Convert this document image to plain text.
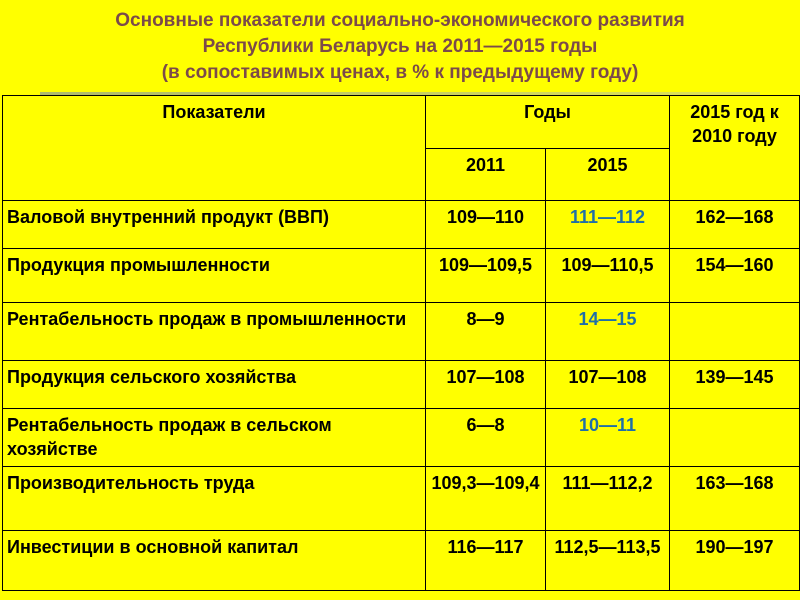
Основные показатели социально-экономического развития
Республики Беларусь на 2011—2015 годы
(в сопоставимых ценах, в % к предыдущему году)
Показатели	Годы		2015 год к 2010 году
	2011	2015	
Валовой внутренний продукт (ВВП)	109—110	111—112	162—168
Продукция промышленности	109—109,5	109—110,5	154—160
Рентабельность продаж в промышленности	8—9	14—15	
Продукция сельского хозяйства	107—108	107—108	139—145
Рентабельность продаж в сельском хозяйстве	6—8	10—11	
Производительность труда	109,3—109,4	111—112,2	163—168
Инвестиции в основной капитал	116—117	112,5—113,5	190—197
